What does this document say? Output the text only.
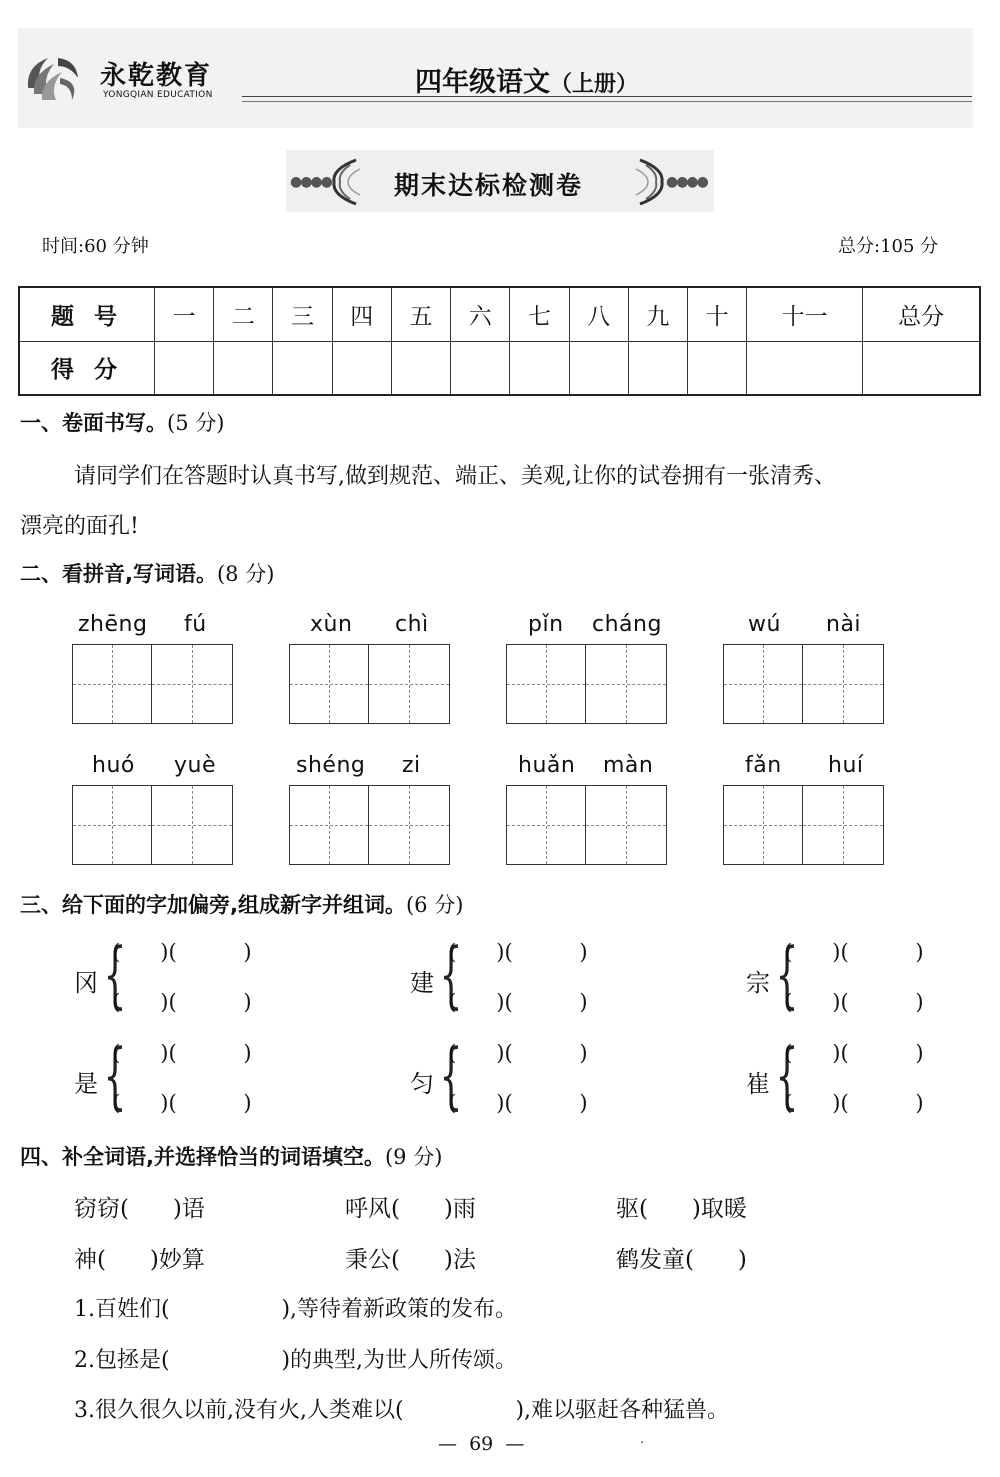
永乾教育
YONGQIAN EDUCATION	四年级语文（上册）
●●●●	●●●●
期末达标检测卷
时间:60 分钟	总分:105 分
题 号	一	二	三	四	五	六	七	八	九	十	十一	总分
得 分												
一、卷面书写。(5 分)
请同学们在答题时认真书写,做到规范、端正、美观,让你的试卷拥有一张清秀、
漂亮的面孔!
二、看拼音,写词语。(8 分)
zhēng fú	xùn chì	pǐn cháng	wú nài
huó yuè	shéng zi	huǎn màn	fǎn huí
三、给下面的字加偏旁,组成新字并组词。(6 分)
冈 {
(      )(          )
(      )(          )
建 {
(      )(          )
(      )(          )
宗 {
(      )(          )
(      )(          )
是 {
(      )(          )
(      )(          )
匀 {
(      )(          )
(      )(          )
崔 {
(      )(          )
(      )(          )
四、补全词语,并选择恰当的词语填空。(9 分)
窃窃(      )语	呼风(      )雨	驱(      )取暖
神(      )妙算	秉公(      )法	鹤发童(      )
1.百姓们(                ),等待着新政策的发布。
2.包拯是(                )的典型,为世人所传颂。
3.很久很久以前,没有火,人类难以(                ),难以驱赶各种猛兽。
—  69  —	.
